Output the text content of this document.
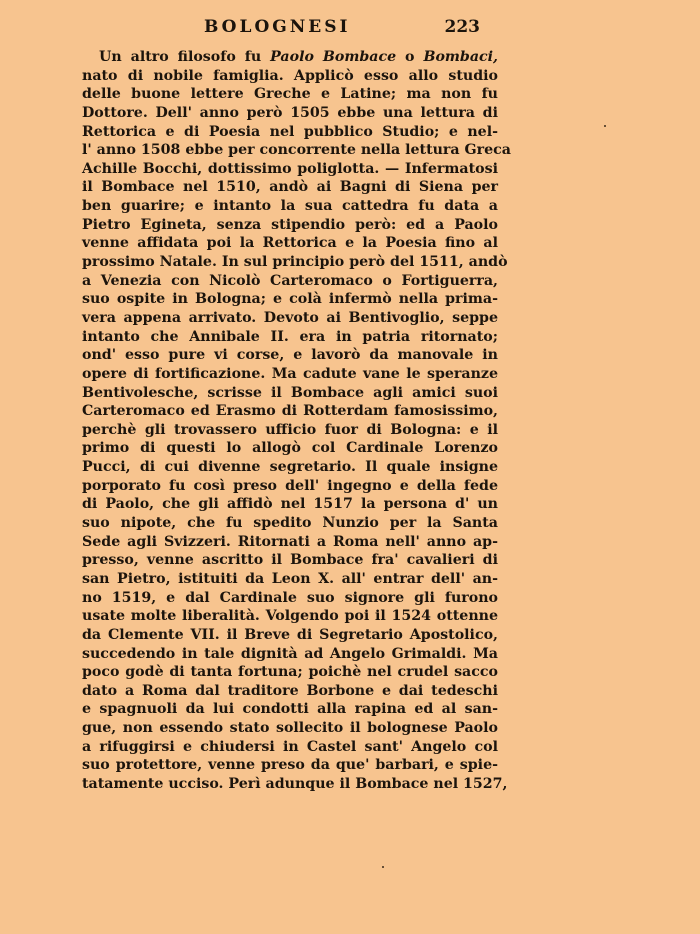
BOLOGNESI	223
Un altro filosofo fu Paolo Bombace o Bombaci,
nato di nobile famiglia. Applicò esso allo studio
delle buone lettere Greche e Latine; ma non fu
Dottore. Dell' anno però 1505 ebbe una lettura di
Rettorica e di Poesia nel pubblico Studio; e nel-
l' anno 1508 ebbe per concorrente nella lettura Greca
Achille Bocchi, dottissimo poliglotta. — Infermatosi
il Bombace nel 1510, andò ai Bagni di Siena per
ben guarire; e intanto la sua cattedra fu data a
Pietro Egineta, senza stipendio però: ed a Paolo
venne affidata poi la Rettorica e la Poesia fino al
prossimo Natale. In sul principio però del 1511, andò
a Venezia con Nicolò Carteromaco o Fortiguerra,
suo ospite in Bologna; e colà infermò nella prima-
vera appena arrivato. Devoto ai Bentivoglio, seppe
intanto che Annibale II. era in patria ritornato;
ond' esso pure vi corse, e lavorò da manovale in
opere di fortificazione. Ma cadute vane le speranze
Bentivolesche, scrisse il Bombace agli amici suoi
Carteromaco ed Erasmo di Rotterdam famosissimo,
perchè gli trovassero ufficio fuor di Bologna: e il
primo di questi lo allogò col Cardinale Lorenzo
Pucci, di cui divenne segretario. Il quale insigne
porporato fu così preso dell' ingegno e della fede
di Paolo, che gli affidò nel 1517 la persona d' un
suo nipote, che fu spedito Nunzio per la Santa
Sede agli Svizzeri. Ritornati a Roma nell' anno ap-
presso, venne ascritto il Bombace fra' cavalieri di
san Pietro, istituiti da Leon X. all' entrar dell' an-
no 1519, e dal Cardinale suo signore gli furono
usate molte liberalità. Volgendo poi il 1524 ottenne
da Clemente VII. il Breve di Segretario Apostolico,
succedendo in tale dignità ad Angelo Grimaldi. Ma
poco godè di tanta fortuna; poichè nel crudel sacco
dato a Roma dal traditore Borbone e dai tedeschi
e spagnuoli da lui condotti alla rapina ed al san-
gue, non essendo stato sollecito il bolognese Paolo
a rifuggirsi e chiudersi in Castel sant' Angelo col
suo protettore, venne preso da que' barbari, e spie-
tatamente ucciso. Perì adunque il Bombace nel 1527,
